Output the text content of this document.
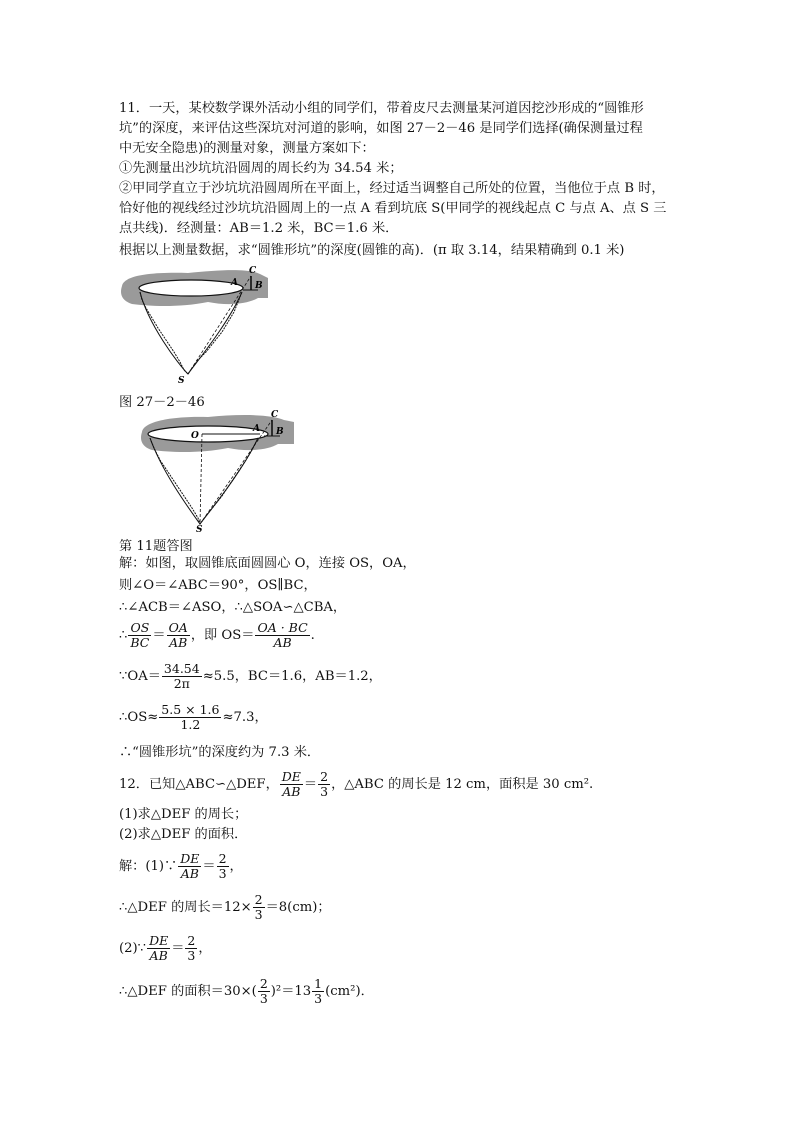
11．一天，某校数学课外活动小组的同学们，带着皮尺去测量某河道因挖沙形成的“圆锥形
坑”的深度，来评估这些深坑对河道的影响，如图 27－2－46 是同学们选择(确保测量过程
中无安全隐患)的测量对象，测量方案如下：
①先测量出沙坑坑沿圆周的周长约为 34.54 米；
②甲同学直立于沙坑坑沿圆周所在平面上，经过适当调整自己所处的位置，当他位于点 B 时，
恰好他的视线经过沙坑坑沿圆周上的一点 A 看到坑底 S(甲同学的视线起点 C 与点 A、点 S 三
点共线)．经测量：AB＝1.2 米，BC＝1.6 米．
根据以上测量数据，求“圆锥形坑”的深度(圆锥的高)．(π 取 3.14，结果精确到 0.1 米)
C
A B
S
图 27－2－46
C
A B
O
S
第 11题答图
解：如图，取圆锥底面圆圆心 O，连接 OS，OA，
则∠O＝∠ABC＝90°，OS∥BC，
∴∠ACB＝∠ASO，∴△SOA∽△CBA，
∴ $\frac{OS}{BC} = \frac{OA}{AB}$ ，即 $OS= \frac{OA \cdot BC}{AB}$ .
∵OA＝ $\frac{34.54}{2\pi} \approx 5.5$，BC＝1.6，AB＝1.2，
∴OS≈ $\frac{5.5 \times 1.6}{1.2} \approx 7.3$，
∴“圆锥形坑”的深度约为 7.3 米．
12．已知△ABC∽△DEF， $\frac{DE}{AB} = \frac{2}{3}$ ，△ABC 的周长是 12 cm，面积是 30 cm².
(1)求△DEF 的周长；
(2)求△DEF 的面积．
解：(1)∵ $\frac{DE}{AB} = \frac{2}{3}$ ，
∴△DEF 的周长$=12\times \frac{2}{3} =8(cm)$；
(2)∵ $\frac{DE}{AB} = \frac{2}{3}$ ，
∴△DEF 的面积$=30\times( \frac{2}{3} )^2=13 \frac{1}{3} (cm^2)$．
